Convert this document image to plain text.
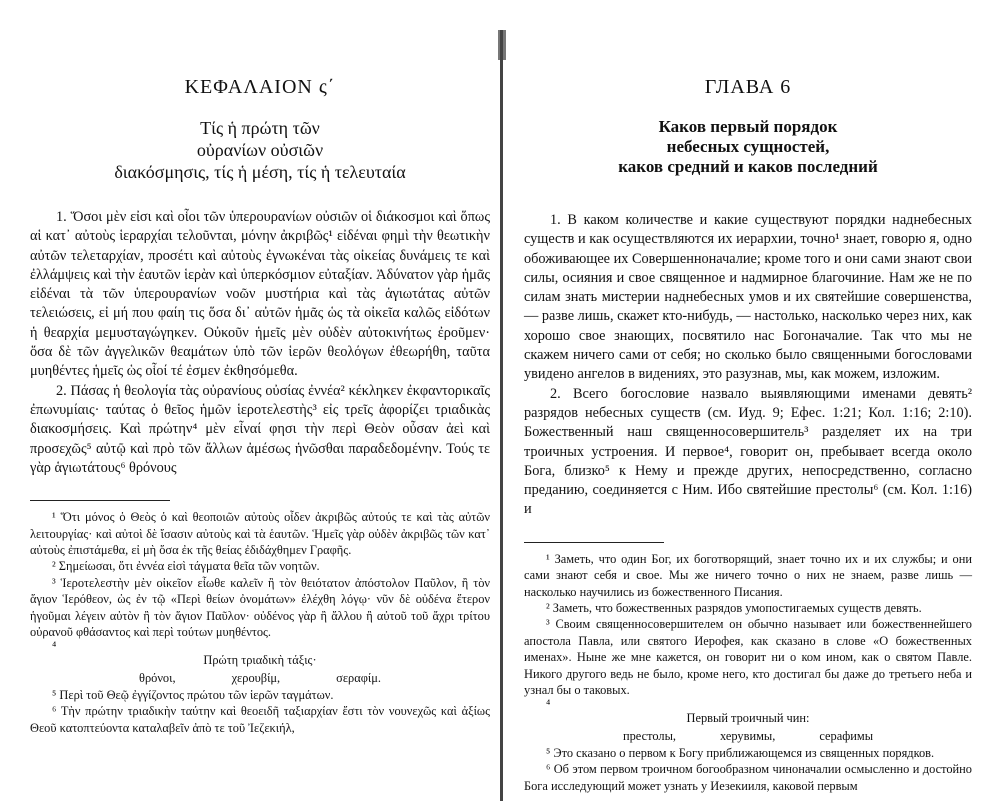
ΚΕΦΑΛΑΙΟΝ ς΄
Τίς ἡ πρώτη τῶν
οὐρανίων οὐσιῶν
διακόσμησις, τίς ἡ μέση, τίς ἡ τελευταία

1. Ὅσοι μὲν εἰσι καὶ οἷοι τῶν ὑπερουρανίων οὐσιῶν οἱ διάκοσμοι καὶ ὅπως αἱ κατ᾽ αὐτοὺς ἱεραρχίαι τελοῦνται, μόνην ἀκριβῶς¹ εἰδέναι φημὶ τὴν θεωτικὴν αὐτῶν τελεταρχίαν, προσέτι καὶ αὐτοὺς ἐγνωκέναι τὰς οἰκείας δυνάμεις τε καὶ ἐλλάμψεις καὶ τὴν ἑαυτῶν ἱερὰν καὶ ὑπερκόσμιον εὐταξίαν. Ἀδύνατον γὰρ ἡμᾶς εἰδέναι τὰ τῶν ὑπερουρανίων νοῶν μυστήρια καὶ τὰς ἁγιωτάτας αὐτῶν τελειώσεις, εἰ μή που φαίη τις ὅσα δι᾽ αὐτῶν ἡμᾶς ὡς τὰ οἰκεῖα καλῶς εἰδότων ἡ θεαρχία μεμυσταγώγηκεν. Οὐκοῦν ἡμεῖς μὲν οὐδὲν αὐτοκινήτως ἐροῦμεν· ὅσα δὲ τῶν ἀγγελικῶν θεαμάτων ὑπὸ τῶν ἱερῶν θεολόγων ἐθεωρήθη, ταῦτα μυηθέντες ἡμεῖς ὡς οἷοί τέ ἐσμεν ἐκθησόμεθα.

2. Πάσας ἡ θεολογία τὰς οὐρανίους οὐσίας ἐννέα² κέκληκεν ἐκφαντορικαῖς ἐπωνυμίαις· ταύτας ὁ θεῖος ἡμῶν ἱεροτελεστὴς³ εἰς τρεῖς ἀφορίζει τριαδικὰς διακοσμήσεις. Καὶ πρώτην⁴ μὲν εἶναί φησι τὴν περὶ Θεὸν οὖσαν ἀεὶ καὶ προσεχῶς⁵ αὐτῷ καὶ πρὸ τῶν ἄλλων ἀμέσως ἡνῶσθαι παραδεδομένην. Τούς τε γὰρ ἁγιωτάτους⁶ θρόνους

¹ Ὅτι μόνος ὁ Θεὸς ὁ καὶ θεοποιῶν αὐτοὺς οἶδεν ἀκριβῶς αὐτούς τε καὶ τὰς αὐτῶν λειτουργίας· καὶ αὐτοὶ δὲ ἴσασιν αὐτοὺς καὶ τὰ ἑαυτῶν. Ἡμεῖς γὰρ οὐδὲν ἀκριβῶς τῶν κατ᾽ αὐτοὺς ἐπιστάμεθα, εἰ μὴ ὅσα ἐκ τῆς θείας ἐδιδάχθημεν Γραφῆς.

² Σημείωσαι, ὅτι ἐννέα εἰσὶ τάγματα θεῖα τῶν νοητῶν.

³ Ἱεροτελεστὴν μὲν οἰκεῖον εἶωθε καλεῖν ἢ τὸν θειότατον ἀπόστολον Παῦλον, ἢ τὸν ἅγιον Ἱερόθεον, ὡς ἐν τῷ «Περὶ θείων ὀνομάτων» ἐλέχθη λόγῳ· νῦν δὲ οὐδένα ἕτερον ἡγοῦμαι λέγειν αὐτὸν ἢ τὸν ἅγιον Παῦλον· οὐδένος γὰρ ἢ ἄλλου ἢ αὐτοῦ τοῦ ἄχρι τρίτου οὐρανοῦ φθάσαντος καὶ περὶ τούτων μυηθέντος.

⁴

Πρώτη τριαδικὴ τάξις·

θρόνοι,	χερουβίμ,	σεραφίμ.

⁵ Περὶ τοῦ Θεῷ ἐγγίζοντος πρώτου τῶν ἱερῶν ταγμάτων.

⁶ Τὴν πρώτην τριαδικὴν ταύτην καὶ θεοειδῆ ταξιαρχίαν ἔστι τὸν νουνεχῶς καὶ ἀξίως Θεοῦ κατοπτεύοντα καταλαβεῖν ἀπὸ τε τοῦ Ἰεζεκιήλ,

ГЛАВА 6
Каков первый порядок
небесных сущностей,
каков средний и каков последний

1. В каком количестве и какие существуют порядки наднебесных существ и как осуществляются их иерархии, точно¹ знает, говорю я, одно обоживающее их Совершенноначалие; кроме того и они сами знают свои силы, осияния и свое священное и надмирное благочиние. Нам же не по силам знать мистерии наднебесных умов и их святейшие совершенства, — разве лишь, скажет кто-нибудь, — настолько, насколько через них, как хорошо свое знающих, посвятило нас Богоначалие. Так что мы не скажем ничего сами от себя; но сколько было священными богословами увидено ангелов в видениях, это разузнав, мы, как можем, изложим.

2. Всего богословие назвало выявляющими именами девять² разрядов небесных существ (см. Иуд. 9; Ефес. 1:21; Кол. 1:16; 2:10). Божественный наш священносовершитель³ разделяет их на три троичных устроения. И первое⁴, говорит он, пребывает всегда около Бога, близко⁵ к Нему и прежде других, непосредственно, согласно преданию, соединяется с Ним. Ибо святейшие престолы⁶ (см. Кол. 1:16) и

¹ Заметь, что один Бог, их боготворящий, знает точно их и их службы; и они сами знают себя и свое. Мы же ничего точно о них не знаем, разве лишь — насколько научились из божественного Писания.

² Заметь, что божественных разрядов умопостигаемых существ девять.

³ Своим священносовершителем он обычно называет или божественнейшего апостола Павла, или святого Иерофея, как сказано в слове «О божественных именах». Ныне же мне кажется, он говорит ни о ком ином, как о святом Павле. Никого другого ведь не было, кроме него, кто достигал бы даже до третьего неба и узнал бы о таковых.

⁴

Первый троичный чин:

престолы,	херувимы,	серафимы

⁵ Это сказано о первом к Богу приближающемся из священных порядков.

⁶ Об этом первом троичном богообразном чиноначалии осмысленно и достойно Бога исследующий может узнать у Иезекииля, каковой первым
